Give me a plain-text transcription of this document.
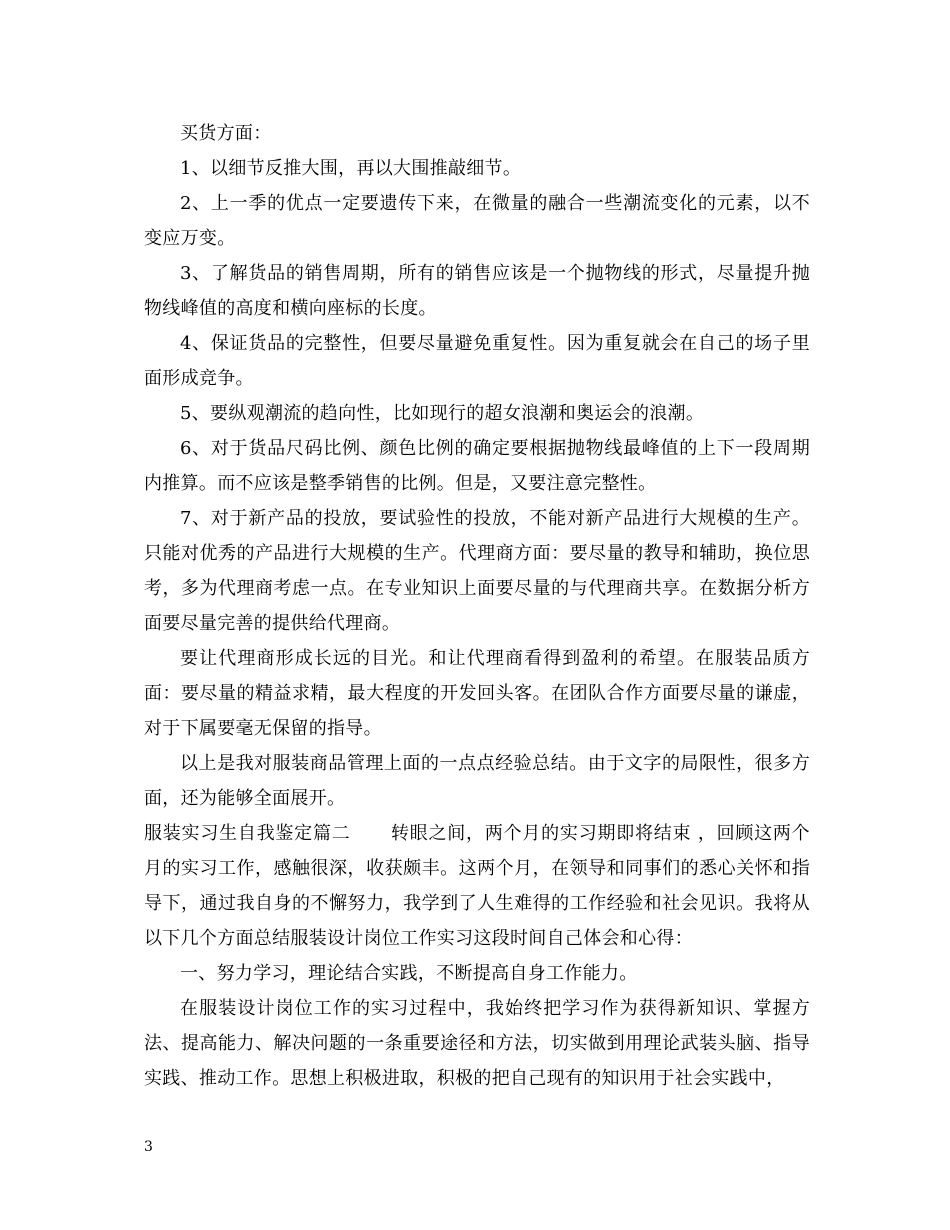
买货方面：

1、以细节反推大围，再以大围推敲细节。

2、上一季的优点一定要遗传下来，在微量的融合一些潮流变化的元素，以不变应万变。

3、了解货品的销售周期，所有的销售应该是一个抛物线的形式，尽量提升抛物线峰值的高度和横向座标的长度。

4、保证货品的完整性，但要尽量避免重复性。因为重复就会在自己的场子里面形成竞争。

5、要纵观潮流的趋向性，比如现行的超女浪潮和奥运会的浪潮。

6、对于货品尺码比例、颜色比例的确定要根据抛物线最峰值的上下一段周期内推算。而不应该是整季销售的比例。但是，又要注意完整性。

7、对于新产品的投放，要试验性的投放，不能对新产品进行大规模的生产。只能对优秀的产品进行大规模的生产。代理商方面：要尽量的教导和辅助，换位思考，多为代理商考虑一点。在专业知识上面要尽量的与代理商共享。在数据分析方面要尽量完善的提供给代理商。

要让代理商形成长远的目光。和让代理商看得到盈利的希望。在服装品质方面：要尽量的精益求精，最大程度的开发回头客。在团队合作方面要尽量的谦虚，对于下属要毫无保留的指导。

以上是我对服装商品管理上面的一点点经验总结。由于文字的局限性，很多方面，还为能够全面展开。

服装实习生自我鉴定篇二 转眼之间，两个月的实习期即将结束 ，回顾这两个月的实习工作，感触很深，收获颇丰。这两个月，在领导和同事们的悉心关怀和指导下，通过我自身的不懈努力，我学到了人生难得的工作经验和社会见识。我将从以下几个方面总结服装设计岗位工作实习这段时间自己体会和心得：

一、努力学习，理论结合实践，不断提高自身工作能力。

在服装设计岗位工作的实习过程中，我始终把学习作为获得新知识、掌握方法、提高能力、解决问题的一条重要途径和方法，切实做到用理论武装头脑、指导实践、推动工作。思想上积极进取，积极的把自己现有的知识用于社会实践中，

3
